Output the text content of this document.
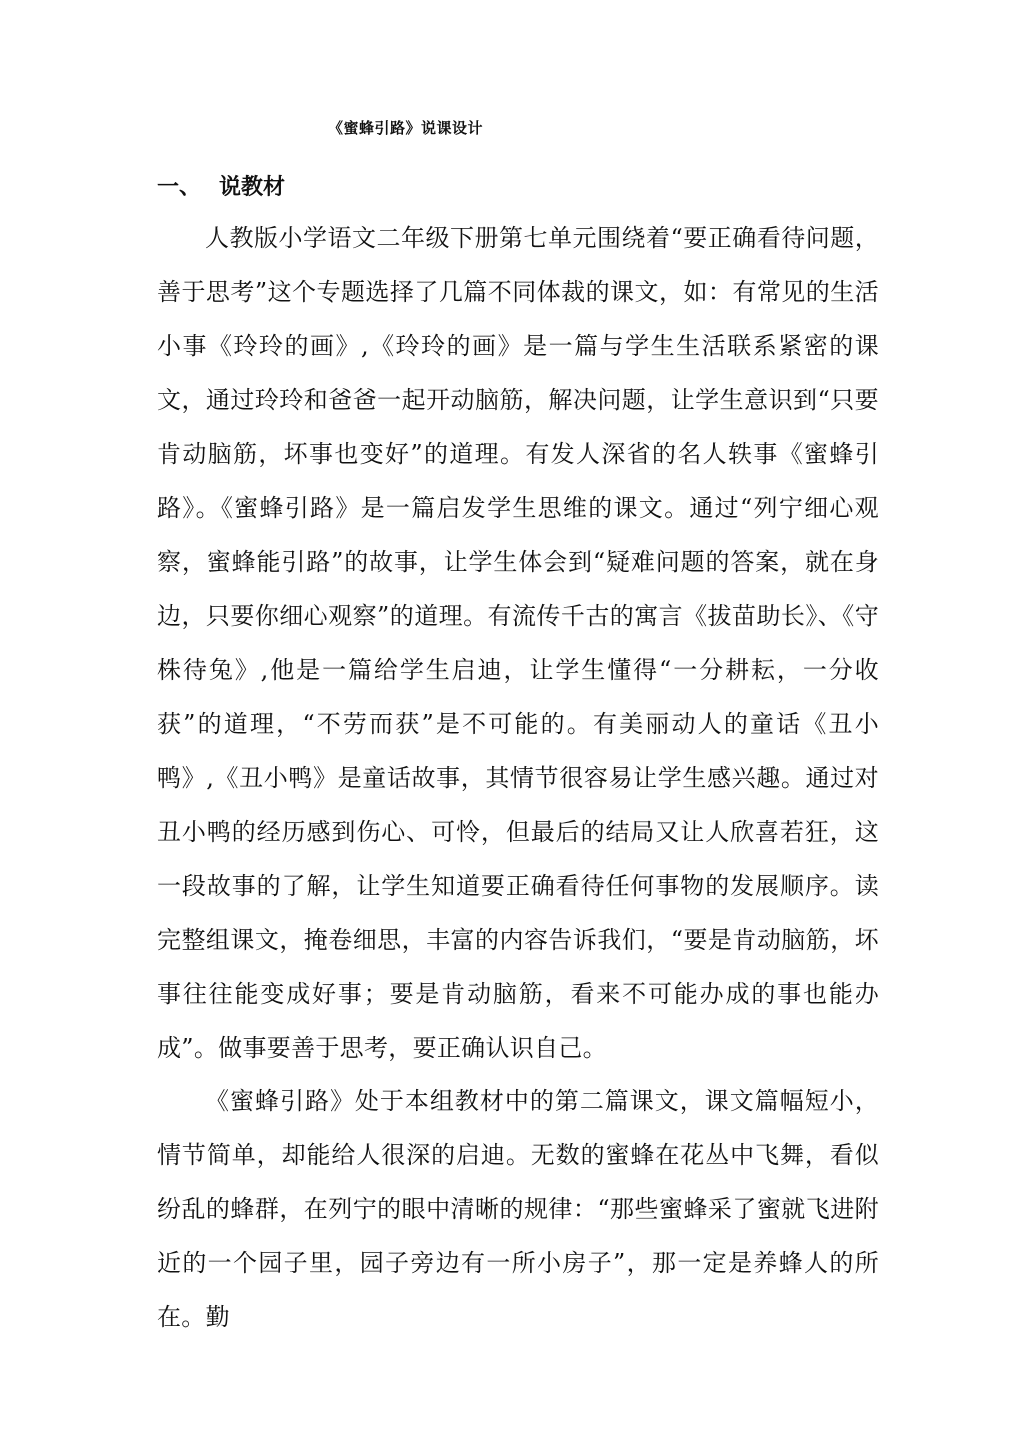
《蜜蜂引路》说课设计
一、 说教材

人教版小学语文二年级下册第七单元围绕着“要正确看待问题，善于思考”这个专题选择了几篇不同体裁的课文，如：有常见的生活小事《玲玲的画》,《玲玲的画》是一篇与学生生活联系紧密的课文，通过玲玲和爸爸一起开动脑筋，解决问题，让学生意识到“只要肯动脑筋，坏事也变好”的道理。有发人深省的名人轶事《蜜蜂引路》。《蜜蜂引路》是一篇启发学生思维的课文。通过“列宁细心观察，蜜蜂能引路”的故事，让学生体会到“疑难问题的答案，就在身边，只要你细心观察”的道理。有流传千古的寓言《拔苗助长》、《守株待兔》,他是一篇给学生启迪，让学生懂得“一分耕耘，一分收获”的道理，“不劳而获”是不可能的。有美丽动人的童话《丑小鸭》,《丑小鸭》是童话故事，其情节很容易让学生感兴趣。通过对丑小鸭的经历感到伤心、可怜，但最后的结局又让人欣喜若狂，这一段故事的了解，让学生知道要正确看待任何事物的发展顺序。读完整组课文，掩卷细思，丰富的内容告诉我们，“要是肯动脑筋，坏事往往能变成好事；要是肯动脑筋，看来不可能办成的事也能办成”。做事要善于思考，要正确认识自己。

《蜜蜂引路》处于本组教材中的第二篇课文，课文篇幅短小，情节简单，却能给人很深的启迪。无数的蜜蜂在花丛中飞舞，看似纷乱的蜂群，在列宁的眼中清晰的规律：“那些蜜蜂采了蜜就飞进附近的一个园子里，园子旁边有一所小房子”，那一定是养蜂人的所在。勤
